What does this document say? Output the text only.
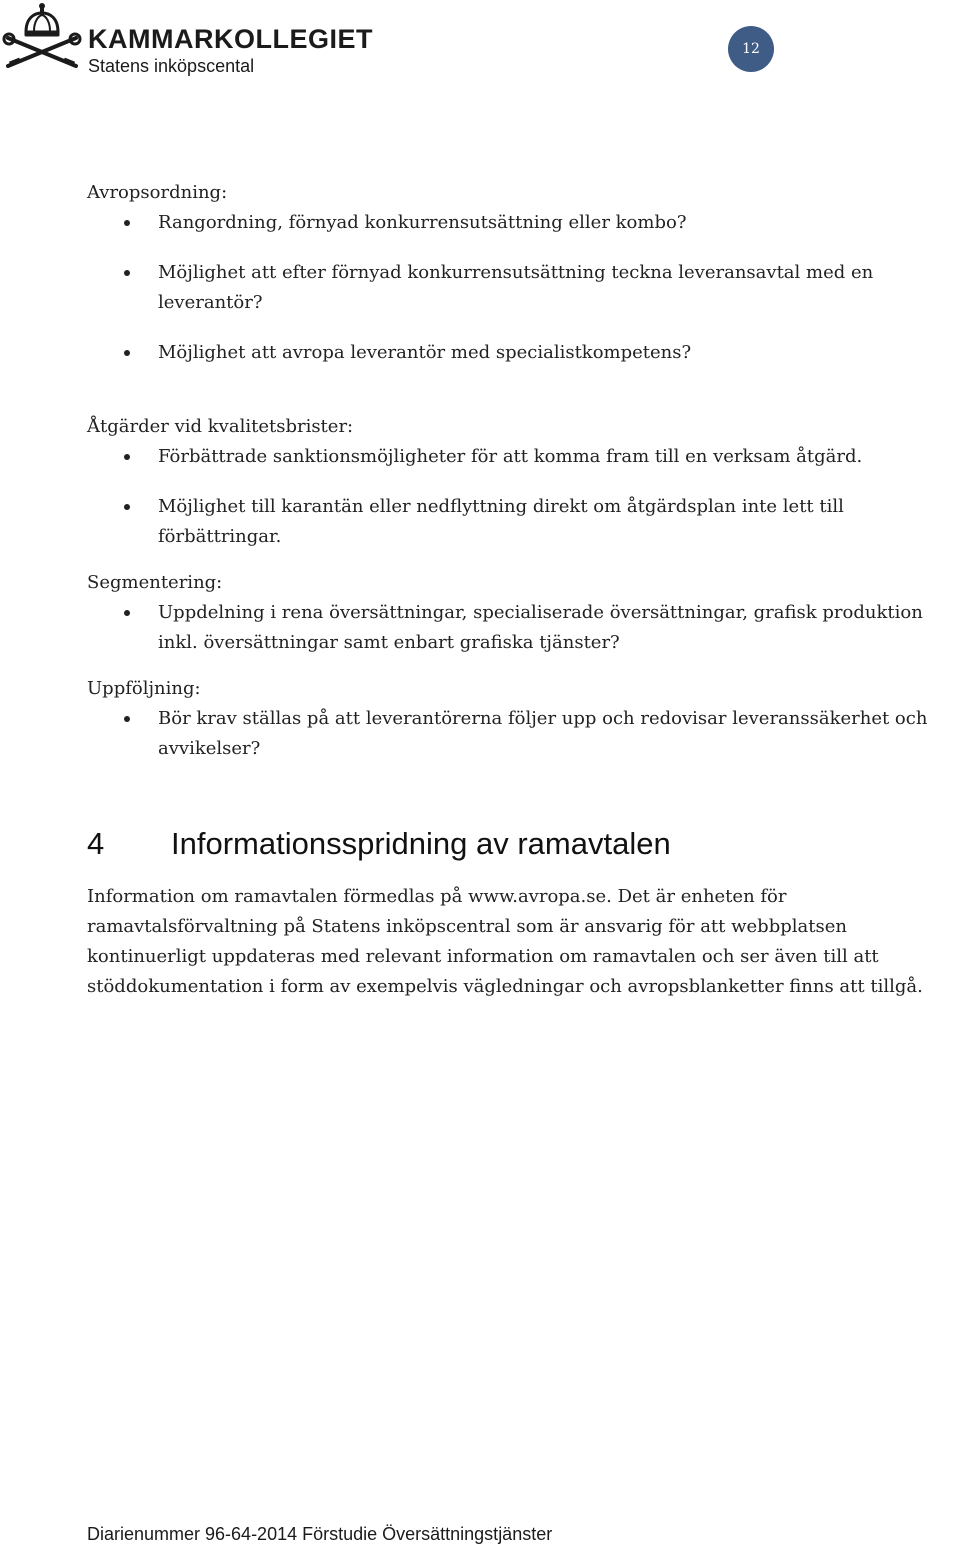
KAMMARKOLLEGIET
Statens inköpscental
12

Avropsordning:

Rangordning, förnyad konkurrensutsättning eller kombo?
Möjlighet att efter förnyad konkurrensutsättning teckna leveransavtal med en leverantör?
Möjlighet att avropa leverantör med specialistkompetens?

Åtgärder vid kvalitetsbrister:

Förbättrade sanktionsmöjligheter för att komma fram till en verksam åtgärd.
Möjlighet till karantän eller nedflyttning direkt om åtgärdsplan inte lett till förbättringar.

Segmentering:

Uppdelning i rena översättningar, specialiserade översättningar, grafisk produktion inkl. översättningar samt enbart grafiska tjänster?

Uppföljning:

Bör krav ställas på att leverantörerna följer upp och redovisar leveranssäkerhet och avvikelser?
4 Informationsspridning av ramavtalen

Information om ramavtalen förmedlas på www.avropa.se. Det är enheten för ramavtalsförvaltning på Statens inköpscentral som är ansvarig för att webbplatsen kontinuerligt uppdateras med relevant information om ramavtalen och ser även till att stöddokumentation i form av exempelvis vägledningar och avropsblanketter finns att tillgå.

Diarienummer 96-64-2014 Förstudie Översättningstjänster
